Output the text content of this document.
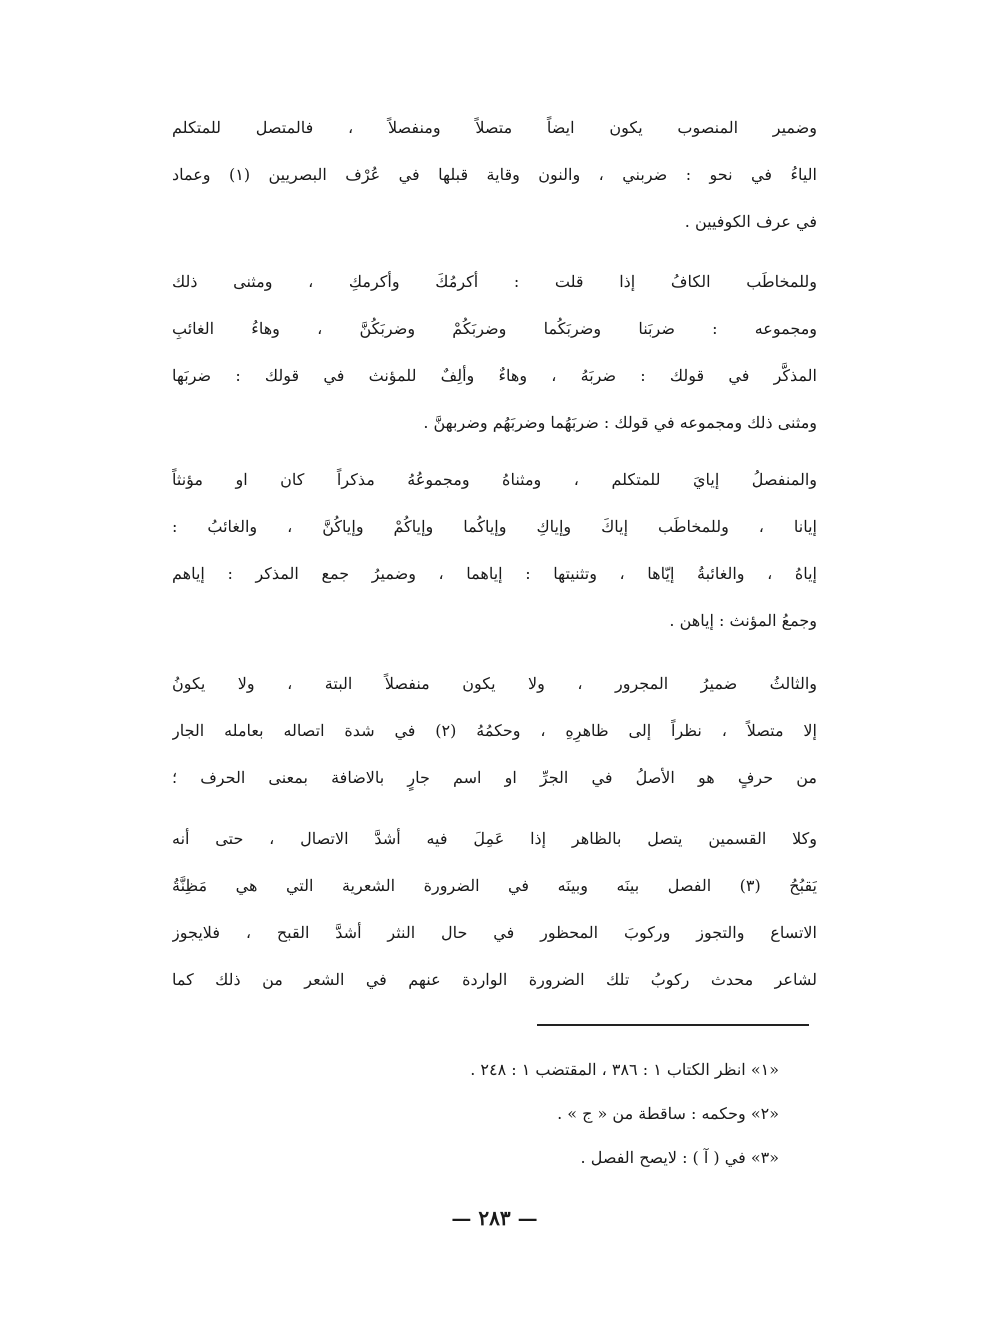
وضمير المنصوب يكون ايضاً متصلاً ومنفصلاً ، فالمتصل للمتكلم
الياءُ في نحو : ضربني ، والنون وقاية قبلها في عُرْف البصريين (١) وعماد
في عرف الكوفيين .
وللمخاطَب الكافُ إذا قلت : أكرمُكَ وأكرمكِ ، ومثنى ذلك
ومجموعه : ضربَنا وضربَكُما وضربَكُمْ وضربَكُنَّ ، وهاءُ الغائبِ
المذكَّر في قولك : ضربَهُ ، وهاءٌ وألِفٌ للمؤنث في قولك : ضربَها
ومثنى ذلك ومجموعه في قولك : ضربَهُما وضربَهُم وضربهنَّ .
والمنفصلُ إيايَ للمتكلم ، ومثناهُ ومجموعُهُ مذكراً كان او مؤنثاً
إيانا ، وللمخاطَب إياكَ وإياكِ وإياكُما وإياكُمْ وإياكُنَّ ، والغائبُ :
إياهُ ، والغائبةُ إيّاها ، وتثنيتها : إياهما ، وضميرُ جمع المذكر : إياهم
وجمعُ المؤنث : إياهن .
والثالثُ ضميرُ المجرور ، ولا يكون منفصلاً البتة ، ولا يكونُ
إلا متصلاً ، نظراً إلى ظاهرِهِ ، وحكمُهُ (٢) في شدة اتصاله بعامله الجار
من حرفٍ هو الأصلُ في الجرِّ او اسم جارٍ بالاضافة بمعنى الحرف ؛
وكلا القسمين يتصل بالظاهر إذا عَمِلَ فيه أشدَّ الاتصال ، حتى أنه
يَقبُحُ (٣) الفصل بينَه وبينَه في الضرورة الشعرية التي هي مَظِنَّةُ
الاتساع والتجوز وركوبَ المحظور في حال النثر أشدَّ القبح ، فلايجوز
لشاعر محدث ركوبُ تلك الضرورة الواردة عنهم في الشعر من ذلك كما
«١» انظر الكتاب ١ : ٣٨٦ ، المقتضب ١ : ٢٤٨ .
«٢» وحكمه : ساقطة من « ج » .
«٣» في ( آ ) : لايصح الفصل .
— ٢٨٣ —
